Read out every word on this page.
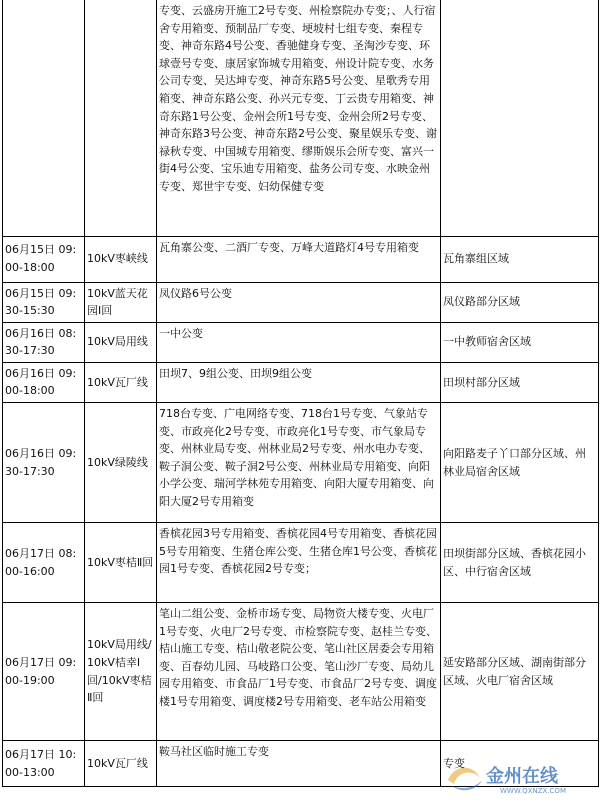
		专变、云盛房开施工2号专变、州检察院办专变；、人行宿舍专用箱变、预制品厂专变、埂坡村七组专变、秦程专变、神奇东路4号公变、香驰健身专变、圣淘沙专变、环球壹号专变、康居家饰城专用箱变、州设计院专变、水务公司专变、吴达坤专变、神奇东路5号公变、星歌秀专用箱变、神奇东路公变、孙兴元专变、丁云贵专用箱变、神奇东路1号公变、金州会所1号专变、金州会所2号专变、神奇东路3号公变、神奇东路2号公变、聚星娱乐专变、谢禄秋专变、中国城专用箱变、缪斯娱乐会所专变、富兴一街4号公变、宝乐迪专用箱变、盐务公司专变、水映金州专变、郑世宇专变、妇幼保健专变	
06月15日 09:00-18:00	10kV枣峡线	瓦角寨公变、二酒厂专变、万峰大道路灯4号专用箱变	瓦角寨组区域
06月15日 09:30-15:30	10kV蓝天花园Ⅰ回	凤仪路6号公变	凤仪路部分区域
06月16日 08:30-17:30	10kV局用线	一中公变	一中教师宿舍区域
06月16日 09:00-18:00	10kV瓦厂线	田坝7、9组公变、田坝9组公变	田坝村部分区域
06月16日 09:30-17:30	10kV绿陵线	718台专变、广电网络专变、718台1号专变、气象站专变、市政亮化2号专变、市政亮化1号专变、市气象局专变、州林业局专变、州林业局2号专变、州水电办专变、鞍子洞公变、鞍子洞2号公变、州林业局专用箱变、向阳小学公变、瑞河学林苑专用箱变、向阳大厦专用箱变、向阳大厦2号专用箱变	向阳路麦子丫口部分区域、州林业局宿舍区域
06月17日 08:00-16:00	10kV枣桔Ⅱ回	香槟花园3号专用箱变、香槟花园4号专用箱变、香槟花园5号专用箱变、生猪仓库公变、生猪仓库1号公变、香槟花园1号专变、香槟花园2号专变；	田坝街部分区域、香槟花园小区、中行宿舍区域
06月17日 09:00-19:00	10kV局用线/10kV桔幸Ⅰ回/10kV枣桔Ⅱ回	笔山二组公变、金桥市场专变、局物资大楼专变、火电厂1号专变、火电厂2号专变、市检察院专变、赵桂兰专变、桔山施工专变、桔山敬老院公变、笔山社区居委会专用箱变、百春幼儿园、马岐路口公变、笔山沙厂专变、局幼儿园专用箱变、市食品厂1号专变、市食品厂2号专变、调度楼1号专用箱变、调度楼2号专用箱变、老车站公用箱变	延安路部分区域、湖南街部分区域、火电厂宿舍区域
06月17日 10:00-13:00	10kV瓦厂线	鞍马社区临时施工专变	专变
金州在线
WWW.QXNZX.COM
